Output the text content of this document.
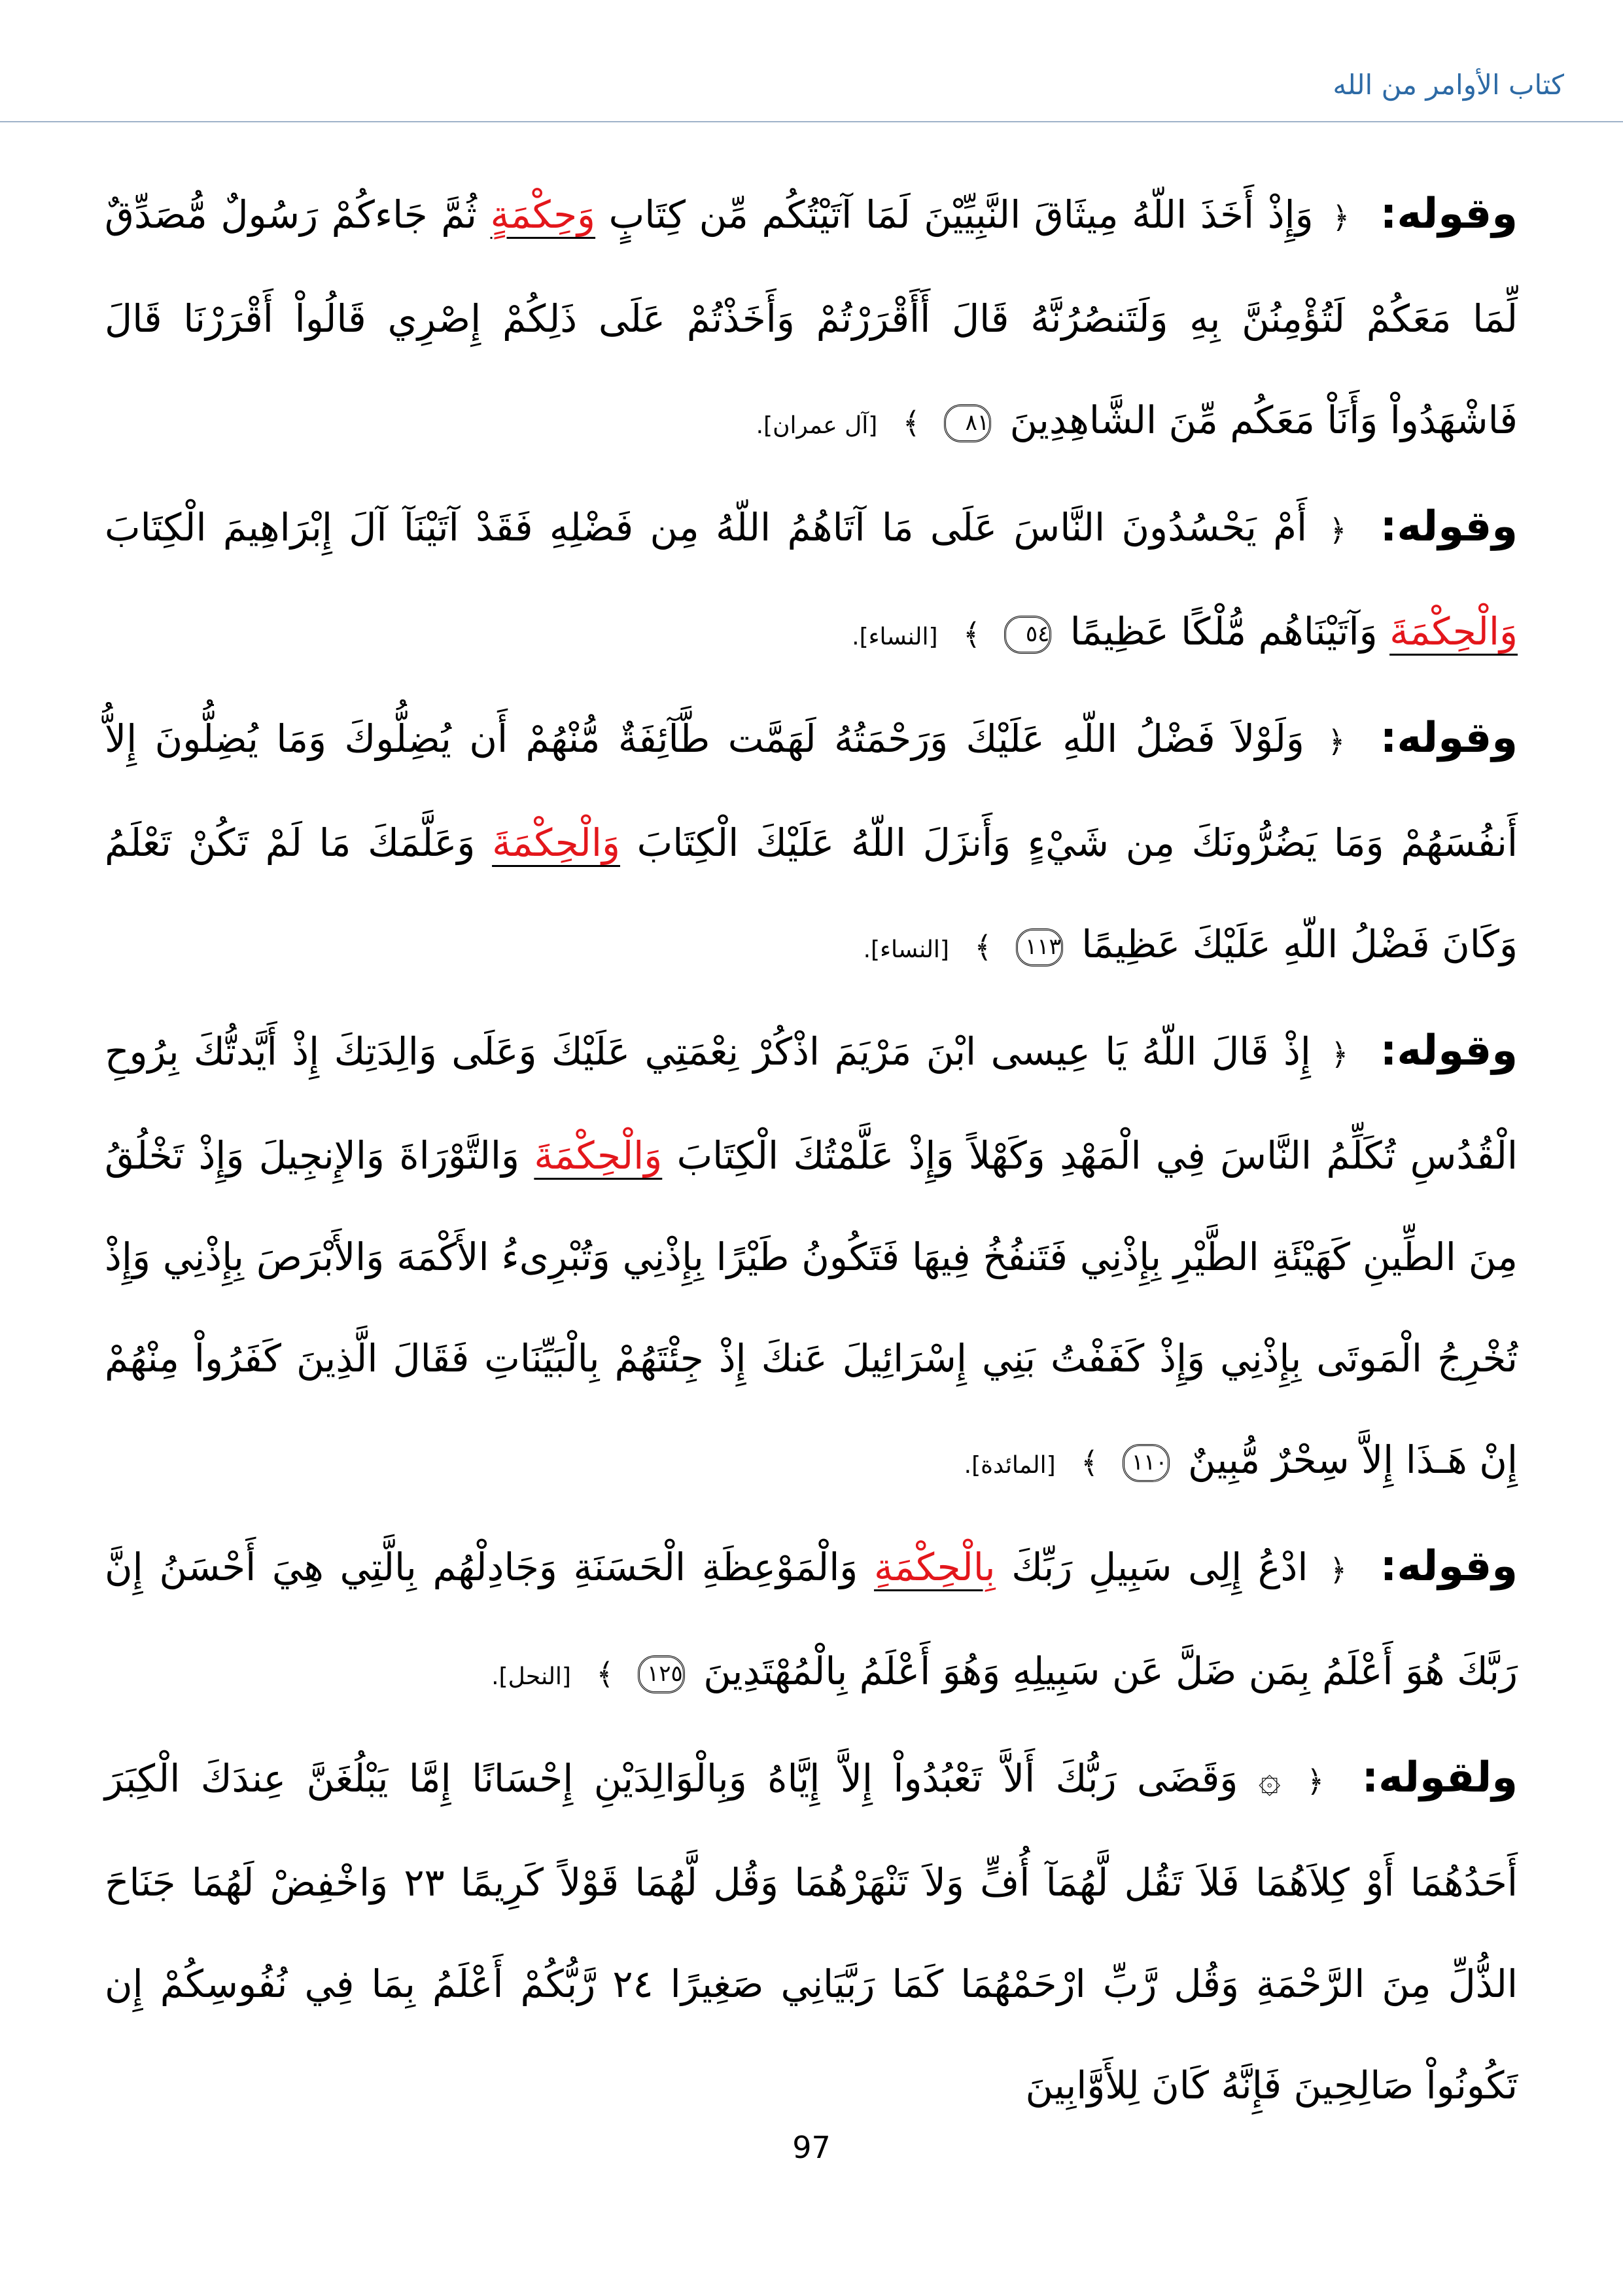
كتاب الأوامر من الله

وقوله: ﴿ وَإِذْ أَخَذَ اللّهُ مِيثَاقَ النَّبِيِّيْنَ لَمَا آتَيْتُكُم مِّن كِتَابٍ وَحِكْمَةٍ ثُمَّ جَاءكُمْ رَسُولٌ مُّصَدِّقٌ لِّمَا مَعَكُمْ لَتُؤْمِنُنَّ بِهِ وَلَتَنصُرُنَّهُ قَالَ أَأَقْرَرْتُمْ وَأَخَذْتُمْ عَلَى ذَلِكُمْ إِصْرِي قَالُواْ أَقْرَرْنَا قَالَ فَاشْهَدُواْ وَأَنَاْ مَعَكُم مِّنَ الشَّاهِدِينَ ٨١ ﴾ [آل عمران].

وقوله: ﴿ أَمْ يَحْسُدُونَ النَّاسَ عَلَى مَا آتَاهُمُ اللّهُ مِن فَضْلِهِ فَقَدْ آتَيْنَآ آلَ إِبْرَاهِيمَ الْكِتَابَ وَالْحِكْمَةَ وَآتَيْنَاهُم مُّلْكًا عَظِيمًا ٥٤ ﴾ [النساء].

وقوله: ﴿ وَلَوْلاَ فَضْلُ اللّهِ عَلَيْكَ وَرَحْمَتُهُ لَهَمَّت طَّآئِفَةٌ مُّنْهُمْ أَن يُضِلُّوكَ وَمَا يُضِلُّونَ إِلاُّ أَنفُسَهُمْ وَمَا يَضُرُّونَكَ مِن شَيْءٍ وَأَنزَلَ اللّهُ عَلَيْكَ الْكِتَابَ وَالْحِكْمَةَ وَعَلَّمَكَ مَا لَمْ تَكُنْ تَعْلَمُ وَكَانَ فَضْلُ اللّهِ عَلَيْكَ عَظِيمًا ١١٣ ﴾ [النساء].

وقوله: ﴿ إِذْ قَالَ اللّهُ يَا عِيسى ابْنَ مَرْيَمَ اذْكُرْ نِعْمَتِي عَلَيْكَ وَعَلَى وَالِدَتِكَ إِذْ أَيَّدتُّكَ بِرُوحِ الْقُدُسِ تُكَلِّمُ النَّاسَ فِي الْمَهْدِ وَكَهْلاً وَإِذْ عَلَّمْتُكَ الْكِتَابَ وَالْحِكْمَةَ وَالتَّوْرَاةَ وَالإِنجِيلَ وَإِذْ تَخْلُقُ مِنَ الطِّينِ كَهَيْئَةِ الطَّيْرِ بِإِذْنِي فَتَنفُخُ فِيهَا فَتَكُونُ طَيْرًا بِإِذْنِي وَتُبْرِىءُ الأَكْمَهَ وَالأَبْرَصَ بِإِذْنِي وَإِذْ تُخْرِجُ الْمَوتَى بِإِذْنِي وَإِذْ كَفَفْتُ بَنِي إِسْرَائِيلَ عَنكَ إِذْ جِئْتَهُمْ بِالْبَيِّنَاتِ فَقَالَ الَّذِينَ كَفَرُواْ مِنْهُمْ إِنْ هَـذَا إِلاَّ سِحْرٌ مُّبِينٌ ١١٠ ﴾ [المائدة].

وقوله: ﴿ ادْعُ إِلِى سَبِيلِ رَبِّكَ بِالْحِكْمَةِ وَالْمَوْعِظَةِ الْحَسَنَةِ وَجَادِلْهُم بِالَّتِي هِيَ أَحْسَنُ إِنَّ رَبَّكَ هُوَ أَعْلَمُ بِمَن ضَلَّ عَن سَبِيلِهِ وَهُوَ أَعْلَمُ بِالْمُهْتَدِينَ ١٢٥ ﴾ [النحل].

ولقوله: ﴿ ۞ وَقَضَى رَبُّكَ أَلاَّ تَعْبُدُواْ إِلاَّ إِيَّاهُ وَبِالْوَالِدَيْنِ إِحْسَانًا إِمَّا يَبْلُغَنَّ عِندَكَ الْكِبَرَ أَحَدُهُمَا أَوْ كِلاَهُمَا فَلاَ تَقُل لَّهُمَآ أُفٍّ وَلاَ تَنْهَرْهُمَا وَقُل لَّهُمَا قَوْلاً كَرِيمًا ٢٣ وَاخْفِضْ لَهُمَا جَنَاحَ الذُّلِّ مِنَ الرَّحْمَةِ وَقُل رَّبِّ ارْحَمْهُمَا كَمَا رَبَّيَانِي صَغِيرًا ٢٤ رَّبُّكُمْ أَعْلَمُ بِمَا فِي نُفُوسِكُمْ إِن تَكُونُواْ صَالِحِينَ فَإِنَّهُ كَانَ لِلأَوَّابِينَ

97
